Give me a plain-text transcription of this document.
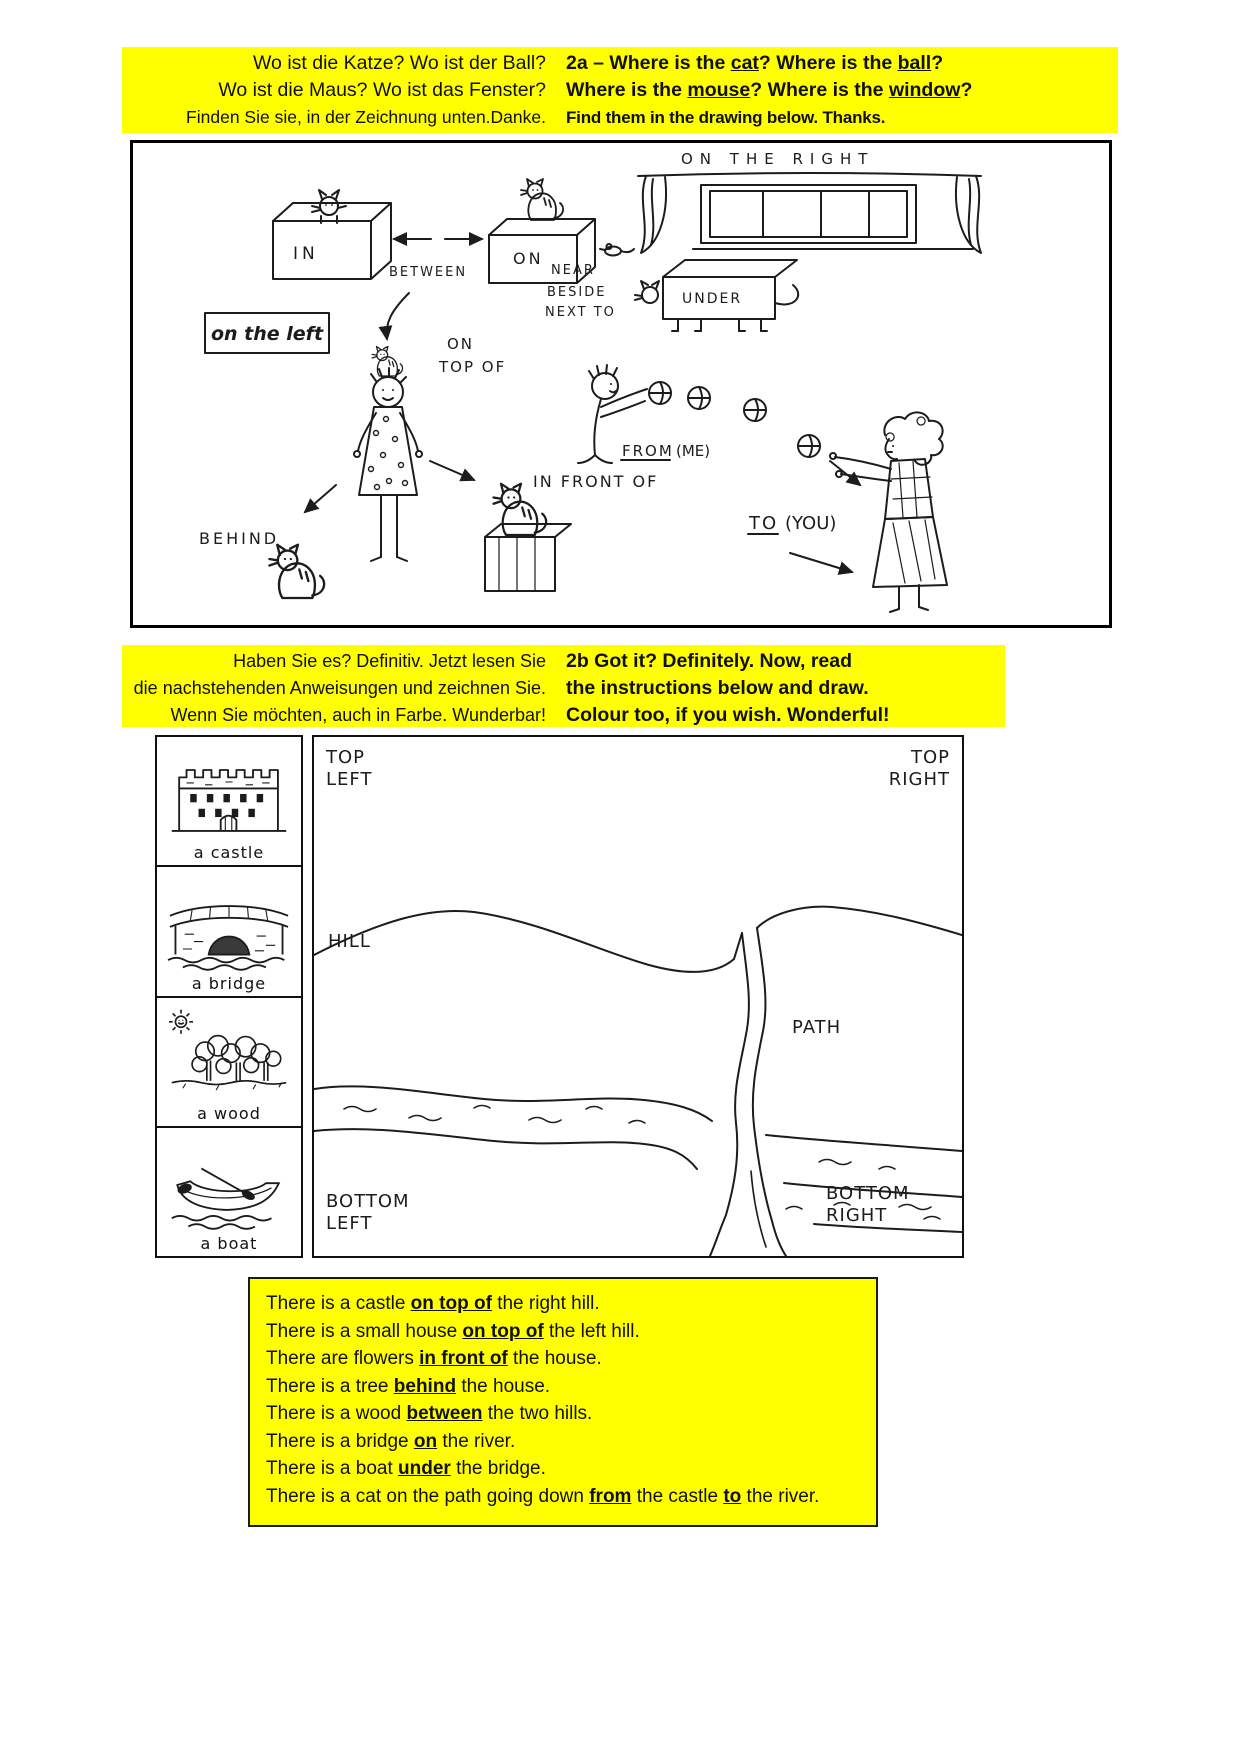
Wo ist die Katze? Wo ist der Ball?
Wo ist die Maus? Wo ist das Fenster?
Finden Sie sie, in der Zeichnung unten.Danke.
2a – Where is the cat? Where is the ball?
Where is the mouse? Where is the window?
Find them in the drawing below. Thanks.
IN
BETWEEN
ON
NEAR
BESIDE
NEXT TO
ON THE RIGHT
UNDER
on the left	ON
TOP OF
FROM (ME)
IN FRONT OF
BEHIND
TO (YOU)
Haben Sie es? Definitiv. Jetzt lesen Sie
die nachstehenden Anweisungen und zeichnen Sie.
Wenn Sie möchten, auch in Farbe. Wunderbar!
2b Got it? Definitely. Now, read
the instructions below and draw.
Colour too, if you wish. Wonderful!
a castle
a bridge
a wood
a boat
TOP
LEFT
TOP
RIGHT
HILL
PATH
BOTTOM
LEFT
BOTTOM
RIGHT
There is a castle on top of the right hill.
There is a small house on top of the left hill.
There are flowers in front of the house.
There is a tree behind the house.
There is a wood between the two hills.
There is a bridge on the river.
There is a boat under the bridge.
There is a cat on the path going down from the castle to the river.
